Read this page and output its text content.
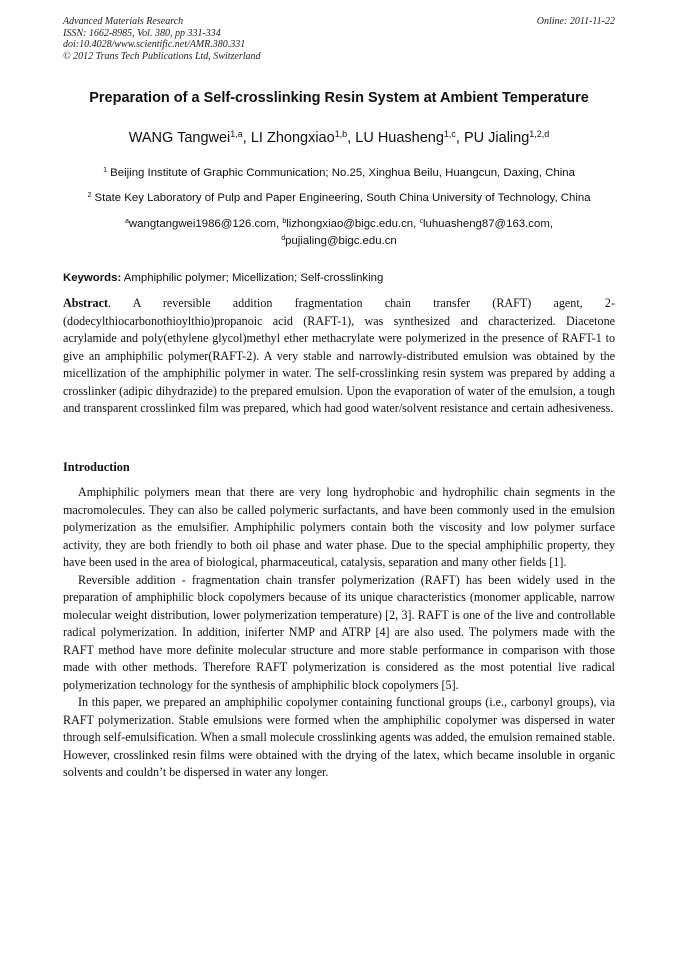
Advanced Materials Research
ISSN: 1662-8985, Vol. 380, pp 331-334
doi:10.4028/www.scientific.net/AMR.380.331
© 2012 Trans Tech Publications Ltd, Switzerland
Online: 2011-11-22
Preparation of a Self-crosslinking Resin System at Ambient Temperature
WANG Tangwei$^{1,a}$, LI Zhongxiao$^{1,b}$, LU Huasheng$^{1,c}$, PU Jialing$^{1,2,d}$
$^1$ Beijing Institute of Graphic Communication; No.25, Xinghua Beilu, Huangcun, Daxing, China
$^2$ State Key Laboratory of Pulp and Paper Engineering, South China University of Technology, China
$^a$wangtangwei1986@126.com, $^b$lizhongxiao@bigc.edu.cn, $^c$luhuasheng87@163.com,
$^d$pujialing@bigc.edu.cn
Keywords: Amphiphilic polymer; Micellization; Self-crosslinking
Abstract. A reversible addition fragmentation chain transfer (RAFT) agent, 2-(dodecylthiocarbonothioylthio)propanoic acid (RAFT-1), was synthesized and characterized. Diacetone acrylamide and poly(ethylene glycol)methyl ether methacrylate were polymerized in the presence of RAFT-1 to give an amphiphilic polymer(RAFT-2). A very stable and narrowly-distributed emulsion was obtained by the micellization of the amphiphilic polymer in water. The self-crosslinking resin system was prepared by adding a crosslinker (adipic dihydrazide) to the prepared emulsion. Upon the evaporation of water of the emulsion, a tough and transparent crosslinked film was prepared, which had good water/solvent resistance and certain adhesiveness.
Introduction

Amphiphilic polymers mean that there are very long hydrophobic and hydrophilic chain segments in the macromolecules. They can also be called polymeric surfactants, and have been commonly used in the emulsion polymerization as the emulsifier. Amphiphilic polymers contain both the viscosity and low polymer surface activity, they are both friendly to both oil phase and water phase. Due to the special amphiphilic property, they have been used in the area of biological, pharmaceutical, catalysis, separation and many other fields [1].

Reversible addition - fragmentation chain transfer polymerization (RAFT) has been widely used in the preparation of amphiphilic block copolymers because of its unique characteristics (monomer applicable, narrow molecular weight distribution, lower polymerization temperature) [2, 3]. RAFT is one of the live and controllable radical polymerization. In addition, iniferter NMP and ATRP [4] are also used. The polymers made with the RAFT method have more definite molecular structure and more stable performance in comparison with those made with other methods. Therefore RAFT polymerization is considered as the most potential live radical polymerization technology for the synthesis of amphiphilic block copolymers [5].

In this paper, we prepared an amphiphilic copolymer containing functional groups (i.e., carbonyl groups), via RAFT polymerization. Stable emulsions were formed when the amphiphilic copolymer was dispersed in water through self-emulsification. When a small molecule crosslinking agents was added, the emulsion remained stable. However, crosslinked resin films were obtained with the drying of the latex, which became insoluble in organic solvents and couldn’t be dispersed in water any longer.
